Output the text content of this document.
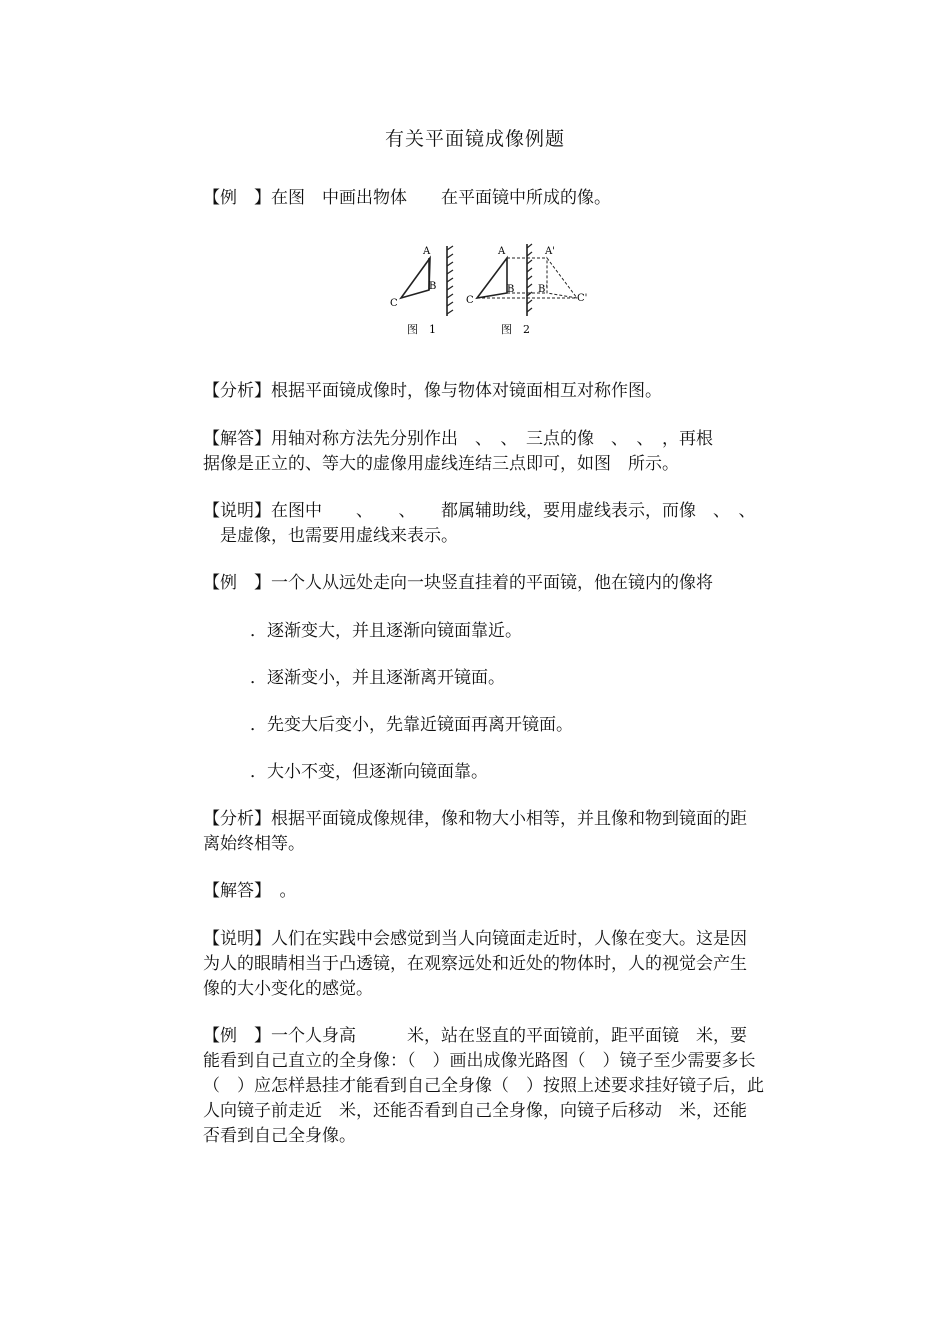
有关平面镜成像例题
【例　】在图　中画出物体　　在平面镜中所成的像。
A
B
C
图　1
A
B
C
A'
B'
C'
图　2
【分析】根据平面镜成像时，像与物体对镜面相互对称作图。
【解答】用轴对称方法先分别作出　、　、　三点的像　、　、　，再根
据像是正立的、等大的虚像用虚线连结三点即可，如图　所示。
【说明】在图中　　、　　、　　都属辅助线，要用虚线表示，而像　、　、
　是虚像，也需要用虚线来表示。
【例　】一个人从远处走向一块竖直挂着的平面镜，他在镜内的像将
．逐渐变大，并且逐渐向镜面靠近。
．逐渐变小，并且逐渐离开镜面。
．先变大后变小，先靠近镜面再离开镜面。
．大小不变，但逐渐向镜面靠。
【分析】根据平面镜成像规律，像和物大小相等，并且像和物到镜面的距
离始终相等。
【解答】　。
【说明】人们在实践中会感觉到当人向镜面走近时，人像在变大。这是因
为人的眼睛相当于凸透镜，在观察远处和近处的物体时，人的视觉会产生
像的大小变化的感觉。
【例　】一个人身高　　　米，站在竖直的平面镜前，距平面镜　米，要
能看到自己直立的全身像：（　）画出成像光路图（　）镜子至少需要多长
（　）应怎样悬挂才能看到自己全身像（　）按照上述要求挂好镜子后，此
人向镜子前走近　米，还能否看到自己全身像，向镜子后移动　米，还能
否看到自己全身像。
